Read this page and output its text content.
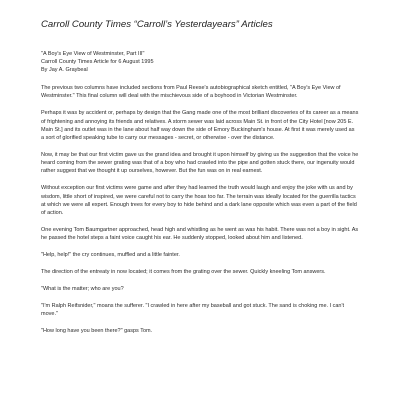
Carroll County Times “Carroll’s Yesterdayears” Articles
"A Boy's Eye View of Westminster, Part III"
Carroll County Times Article for 6 August 1995
By Jay A. Graybeal

The previous two columns have included sections from Paul Reese's autobiographical sketch entitled, "A Boy's Eye View of Westminster." This final column will deal with the mischievous side of a boyhood in Victorian Westminster.

Perhaps it was by accident or, perhaps by design that the Gang made one of the most brilliant discoveries of its career as a means of frightening and annoying its friends and relatives. A storm sewer was laid across Main St. in front of the City Hotel [now 205 E. Main St.] and its outlet was in the lane about half way down the side of Emory Buckingham's house. At first it was merely used as a sort of glorified speaking tube to carry our messages - secret, or otherwise - over the distance.

Now, it may be that our first victim gave us the grand idea and brought it upon himself by giving us the suggestion that the voice he heard coming from the sewer grating was that of a boy who had crawled into the pipe and gotten stuck there, our ingenuity would rather suggest that we thought it up ourselves, however. But the fun was on in real earnest.

Without exception our first victims were game and after they had learned the truth would laugh and enjoy the joke with us and by wisdom, little short of inspired, we were careful not to carry the hoax too far. The terrain was ideally located for the guerrilla tactics at which we were all expert. Enough trees for every boy to hide behind and a dark lane opposite which was even a part of the field of action.

One evening Tom Baumgartner approached, head high and whistling as he went as was his habit. There was not a boy in sight. As he passed the hotel steps a faint voice caught his ear. He suddenly stopped, looked about him and listened.

"Help, help!" the cry continues, muffled and a little fainter.

The direction of the entreaty in now located; it comes from the grating over the sewer. Quickly kneeling Tom answers.

"What is the matter; who are you?

"I'm Ralph Reifsnider," moans the sufferer. "I crawled in here after my baseball and got stuck. The sand is choking me. I can't move."

"How long have you been there?" gasps Tom.
